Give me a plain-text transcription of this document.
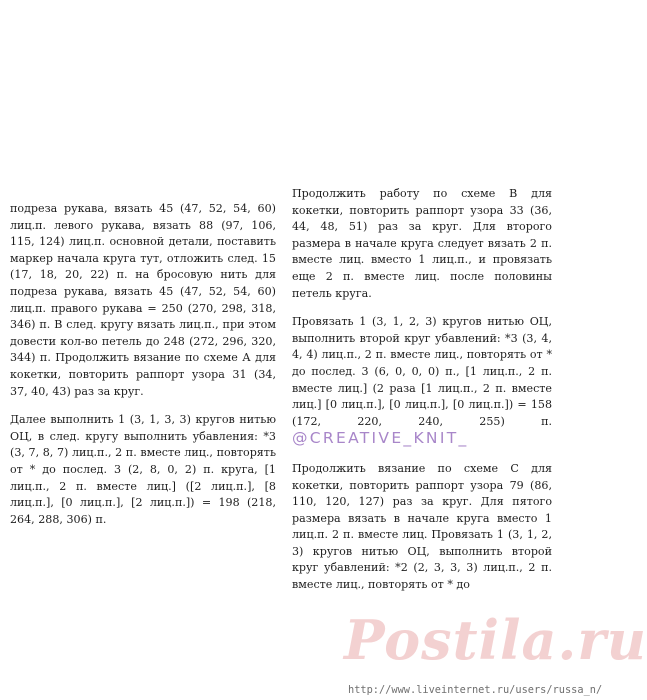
подреза рукава, вязать 45 (47, 52, 54, 60) лиц.п. левого рукава, вязать 88 (97, 106, 115, 124) лиц.п. основной детали, поставить маркер начала круга тут, отложить след. 15 (17, 18, 20, 22) п. на бросовую нить для подреза рукава, вязать 45 (47, 52, 54, 60) лиц.п. правого рукава = 250 (270, 298, 318, 346) п. В след. кругу вязать лиц.п., при этом довести кол-во петель до 248 (272, 296, 320, 344) п. Продолжить вязание по схеме А для кокетки, повторить раппорт узора 31 (34, 37, 40, 43) раз за круг.

Далее выполнить 1 (3, 1, 3, 3) кругов нитью ОЦ, в след. кругу выполнить убавления: *3 (3, 7, 8, 7) лиц.п., 2 п. вместе лиц., повторять от * до послед. 3 (2, 8, 0, 2) п. круга, [1 лиц.п., 2 п. вместе лиц.] ([2 лиц.п.], [8 лиц.п.], [0 лиц.п.], [2 лиц.п.]) = 198 (218, 264, 288, 306) п.

Продолжить работу по схеме В для кокетки, повторить раппорт узора 33 (36, 44, 48, 51) раз за круг. Для второго размера в начале круга следует вязать 2 п. вместе лиц. вместо 1 лиц.п., и провязать еще 2 п. вместе лиц. после половины петель круга.

Провязать 1 (3, 1, 2, 3) кругов нитью ОЦ, выполнить второй круг убавлений: *3 (3, 4, 4, 4) лиц.п., 2 п. вместе лиц., повторять от * до послед. 3 (6, 0, 0, 0) п., [1 лиц.п., 2 п. вместе лиц.] (2 раза [1 лиц.п., 2 п. вместе лиц.] [0 лиц.п.], [0 лиц.п.], [0 лиц.п.]) = 158 (172, 220, 240, 255) п. @CREATIVE_KNIT_

Продолжить вязание по схеме С для кокетки, повторить раппорт узора 79 (86, 110, 120, 127) раз за круг. Для пятого размера вязать в начале круга вместо 1 лиц.п. 2 п. вместе лиц. Провязать 1 (3, 1, 2, 3) кругов нитью ОЦ, выполнить второй круг убавлений: *2 (2, 3, 3, 3) лиц.п., 2 п. вместе лиц., повторять от * до

Postila.ru
http://www.liveinternet.ru/users/russa_n/
